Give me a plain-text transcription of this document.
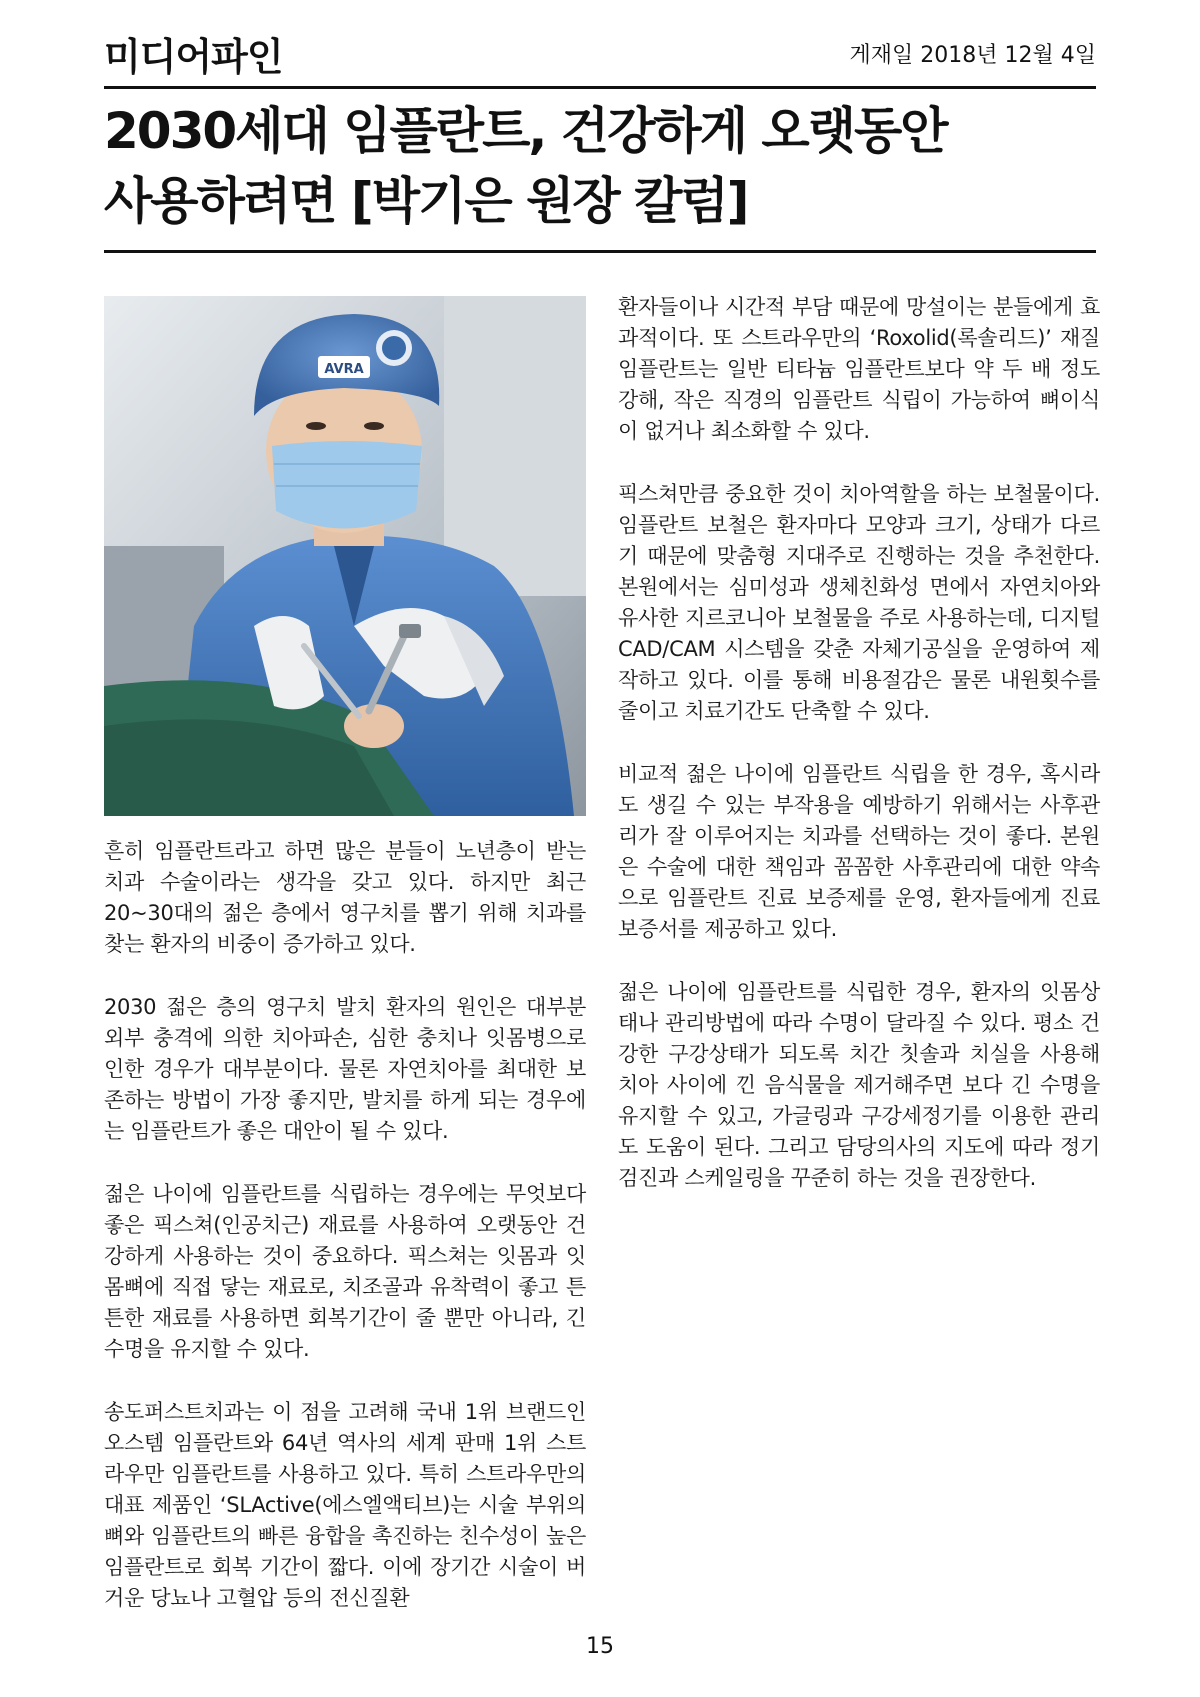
미디어파인	게재일 2018년 12월 4일
2030세대 임플란트, 건강하게 오랫동안
사용하려면 [박기은 원장 칼럼]
AVRA

흔히 임플란트라고 하면 많은 분들이 노년층이 받는 치과 수술이라는 생각을 갖고 있다. 하지만 최근 20~30대의 젊은 층에서 영구치를 뽑기 위해 치과를 찾는 환자의 비중이 증가하고 있다.

2030 젊은 층의 영구치 발치 환자의 원인은 대부분 외부 충격에 의한 치아파손, 심한 충치나 잇몸병으로 인한 경우가 대부분이다. 물론 자연치아를 최대한 보존하는 방법이 가장 좋지만, 발치를 하게 되는 경우에는 임플란트가 좋은 대안이 될 수 있다.

젊은 나이에 임플란트를 식립하는 경우에는 무엇보다 좋은 픽스쳐(인공치근) 재료를 사용하여 오랫동안 건강하게 사용하는 것이 중요하다. 픽스쳐는 잇몸과 잇몸뼈에 직접 닿는 재료로, 치조골과 유착력이 좋고 튼튼한 재료를 사용하면 회복기간이 줄 뿐만 아니라, 긴 수명을 유지할 수 있다.

송도퍼스트치과는 이 점을 고려해 국내 1위 브랜드인 오스템 임플란트와 64년 역사의 세계 판매 1위 스트라우만 임플란트를 사용하고 있다. 특히 스트라우만의 대표 제품인 ‘SLActive(에스엘액티브)는 시술 부위의 뼈와 임플란트의 빠른 융합을 촉진하는 친수성이 높은 임플란트로 회복 기간이 짧다. 이에 장기간 시술이 버거운 당뇨나 고혈압 등의 전신질환

환자들이나 시간적 부담 때문에 망설이는 분들에게 효과적이다. 또 스트라우만의 ‘Roxolid(록솔리드)’ 재질 임플란트는 일반 티타늄 임플란트보다 약 두 배 정도 강해, 작은 직경의 임플란트 식립이 가능하여 뼈이식이 없거나 최소화할 수 있다.

픽스쳐만큼 중요한 것이 치아역할을 하는 보철물이다. 임플란트 보철은 환자마다 모양과 크기, 상태가 다르기 때문에 맞춤형 지대주로 진행하는 것을 추천한다. 본원에서는 심미성과 생체친화성 면에서 자연치아와 유사한 지르코니아 보철물을 주로 사용하는데, 디지털 CAD/CAM 시스템을 갖춘 자체기공실을 운영하여 제작하고 있다. 이를 통해 비용절감은 물론 내원횟수를 줄이고 치료기간도 단축할 수 있다.

비교적 젊은 나이에 임플란트 식립을 한 경우, 혹시라도 생길 수 있는 부작용을 예방하기 위해서는 사후관리가 잘 이루어지는 치과를 선택하는 것이 좋다. 본원은 수술에 대한 책임과 꼼꼼한 사후관리에 대한 약속으로 임플란트 진료 보증제를 운영, 환자들에게 진료보증서를 제공하고 있다.

젊은 나이에 임플란트를 식립한 경우, 환자의 잇몸상태나 관리방법에 따라 수명이 달라질 수 있다. 평소 건강한 구강상태가 되도록 치간 칫솔과 치실을 사용해 치아 사이에 낀 음식물을 제거해주면 보다 긴 수명을 유지할 수 있고, 가글링과 구강세정기를 이용한 관리도 도움이 된다. 그리고 담당의사의 지도에 따라 정기검진과 스케일링을 꾸준히 하는 것을 권장한다.

15
